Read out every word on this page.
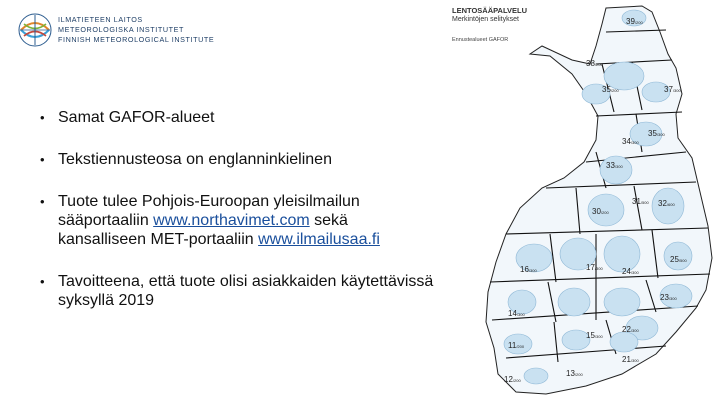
ILMATIETEEN LAITOS
METEOROLOGISKA INSTITUTET
FINNISH METEOROLOGICAL INSTITUTE
• Samat GAFOR-alueet
• Tekstiennusteosa on englanninkielinen
• Tuote tulee Pohjois-Euroopan yleisilmailun sääportaaliin www.northavimet.com sekä kansalliseen MET-portaaliin www.ilmailusaa.fi
• Tavoitteena, että tuote olisi asiakkaiden käytettävissä syksyllä 2019
39/200
38/200
35/200	37/300
35/300
34/300
33/300
30/200
31/500 32/600
16/300	17/300 24/300
25/500
23/300
14/300
15/300
22/300
11/200
12/200
13/200
21/300
LENTOSÄÄPALVELU
Merkintöjen selitykset
Ennustealueet GAFOR
